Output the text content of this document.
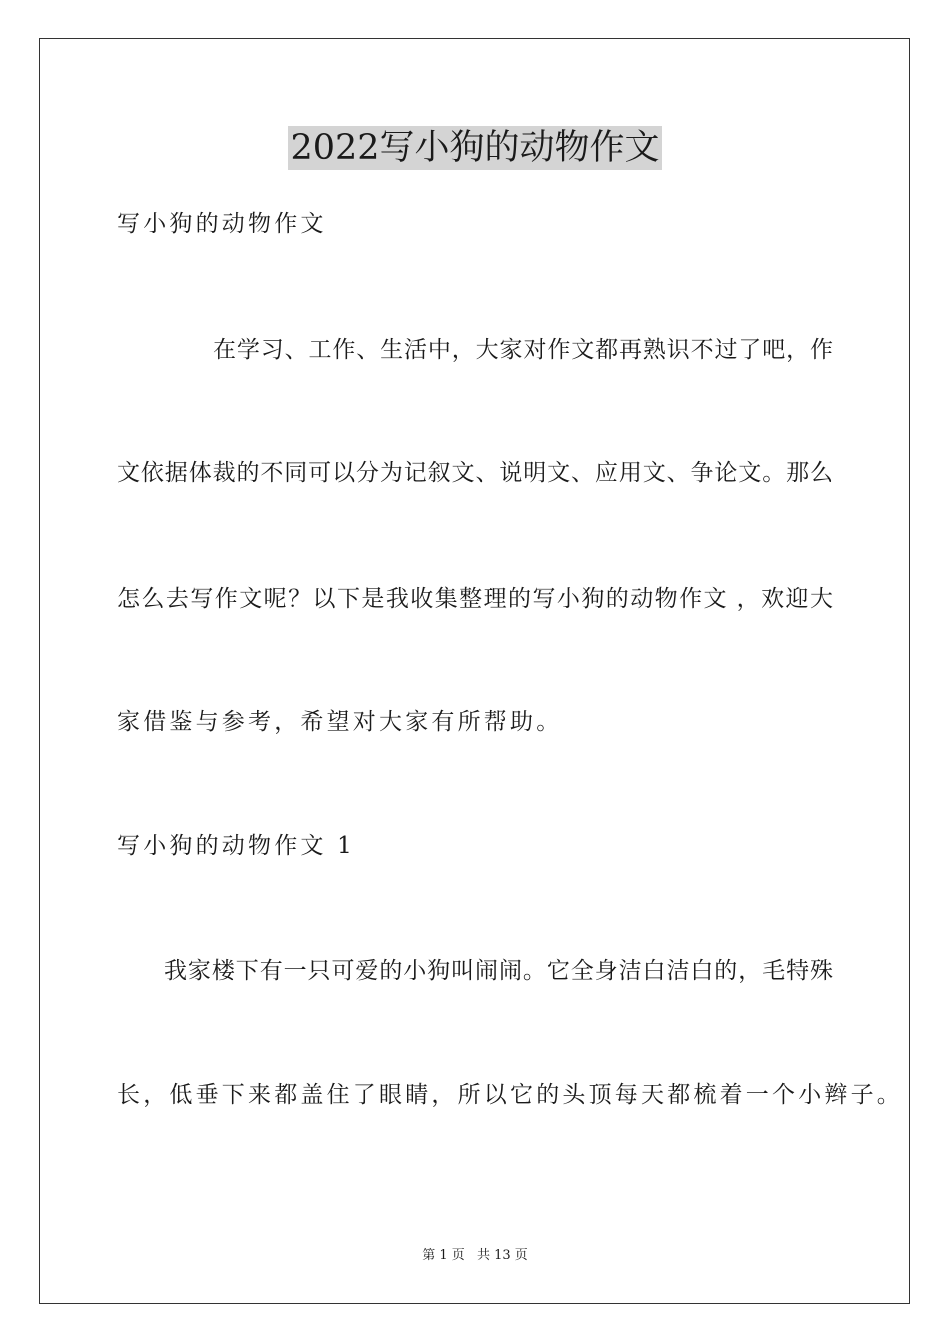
2022写小狗的动物作文
写小狗的动物作文
在学习、工作、生活中，大家对作文都再熟识不过了吧，作
文依据体裁的不同可以分为记叙文、说明文、应用文、争论文。那么
怎么去写作文呢？以下是我收集整理的写小狗的动物作文 ，欢迎大
家借鉴与参考，希望对大家有所帮助。
写小狗的动物作文 1
我家楼下有一只可爱的小狗叫闹闹。它全身洁白洁白的，毛特殊
长，低垂下来都盖住了眼睛，所以它的头顶每天都梳着一个小辫子。
第 1 页 共 13 页
